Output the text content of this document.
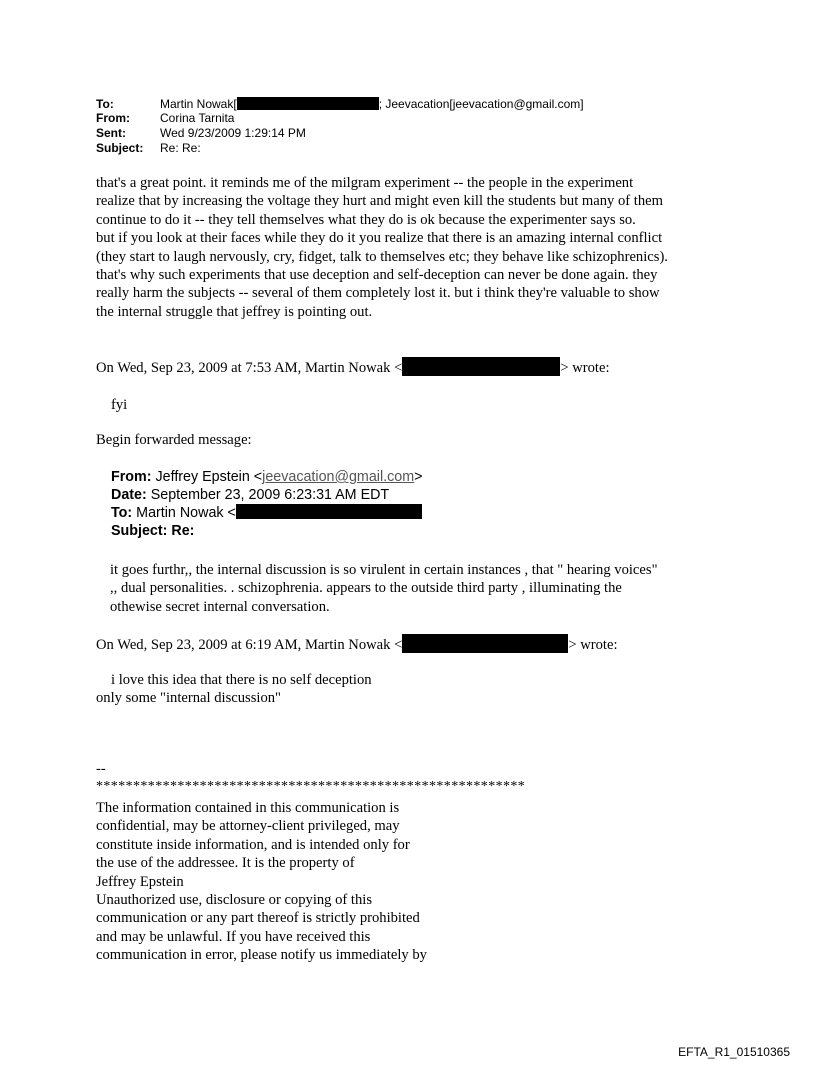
To:	Martin Nowak[	; Jeevacation[jeevacation@gmail.com]
From:	Corina Tarnita
Sent:	Wed 9/23/2009 1:29:14 PM
Subject: Re: Re:
that's a great point. it reminds me of the milgram experiment -- the people in the experiment
realize that by increasing the voltage they hurt and might even kill the students but many of them
continue to do it -- they tell themselves what they do is ok because the experimenter says so.
but if you look at their faces while they do it you realize that there is an amazing internal conflict
(they start to laugh nervously, cry, fidget, talk to themselves etc; they behave like schizophrenics).
that's why such experiments that use deception and self-deception can never be done again. they
really harm the subjects -- several of them completely lost it. but i think they're valuable to show
the internal struggle that jeffrey is pointing out.
On Wed, Sep 23, 2009 at 7:53 AM, Martin Nowak <	> wrote:
fyi
Begin forwarded message:
From: Jeffrey Epstein <jeevacation@gmail.com>
Date: September 23, 2009 6:23:31 AM EDT
To: Martin Nowak <
Subject: Re:
it goes furthr,, the internal discussion is so virulent in certain instances , that " hearing voices"
,, dual personalities. . schizophrenia. appears to the outside third party , illuminating the
othewise secret internal conversation.
On Wed, Sep 23, 2009 at 6:19 AM, Martin Nowak <	> wrote:
i love this idea that there is no self deception
only some "internal discussion"
--
**********************************************************
The information contained in this communication is
confidential, may be attorney-client privileged, may
constitute inside information, and is intended only for
the use of the addressee. It is the property of
Jeffrey Epstein
Unauthorized use, disclosure or copying of this
communication or any part thereof is strictly prohibited
and may be unlawful. If you have received this
communication in error, please notify us immediately by
EFTA_R1_01510365
